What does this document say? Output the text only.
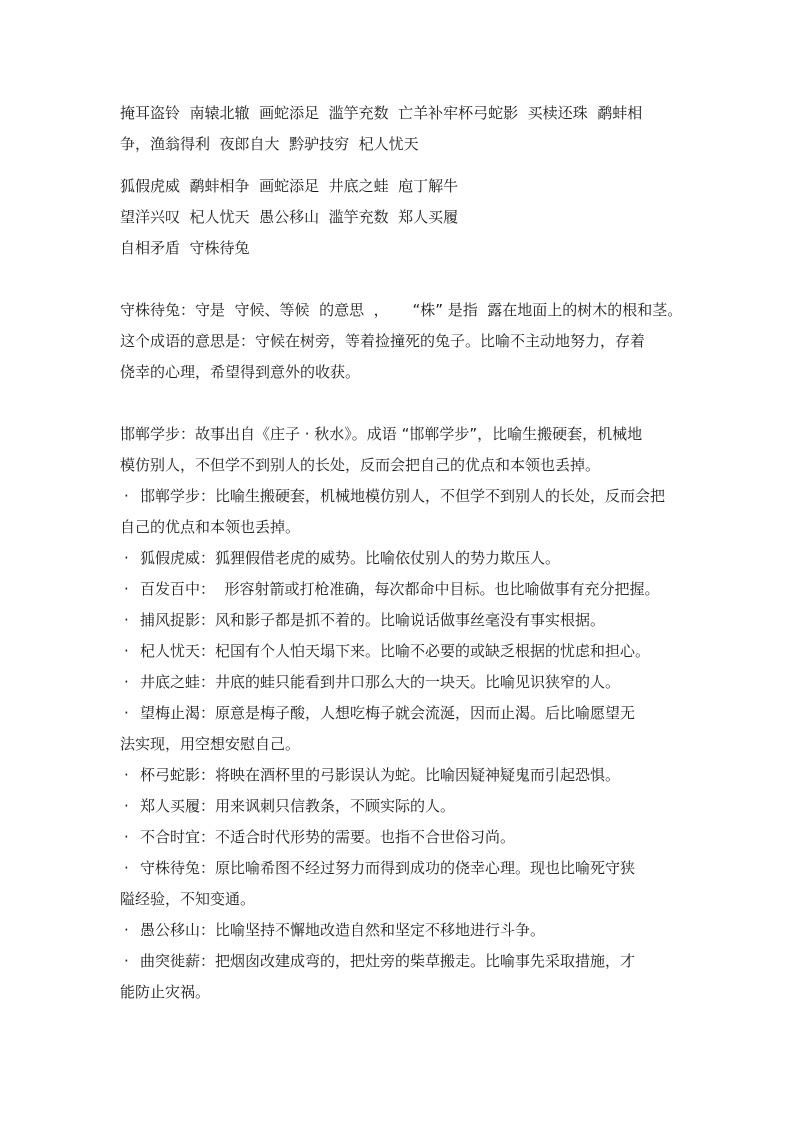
掩耳盗铃  南辕北辙  画蛇添足  滥竽充数  亡羊补牢杯弓蛇影  买椟还珠  鹬蚌相
争，渔翁得利  夜郎自大  黔驴技穷  杞人忧天
狐假虎威  鹬蚌相争  画蛇添足  井底之蛙  庖丁解牛
望洋兴叹  杞人忧天  愚公移山  滥竽充数  郑人买履
自相矛盾  守株待兔
守株待兔：守是  守候、等候  的意思  ，     “株” 是指  露在地面上的树木的根和茎。
这个成语的意思是：守候在树旁，等着捡撞死的兔子。比喻不主动地努力，存着
侥幸的心理，希望得到意外的收获。
邯郸学步：故事出自《庄子 · 秋水》。成语 “邯郸学步”，比喻生搬硬套，机械地
模仿别人，不但学不到别人的长处，反而会把自己的优点和本领也丢掉。
· 邯郸学步：比喻生搬硬套，机械地模仿别人，不但学不到别人的长处，反而会把
自己的优点和本领也丢掉。
· 狐假虎威：狐狸假借老虎的威势。比喻依仗别人的势力欺压人。
· 百发百中：  形容射箭或打枪准确，每次都命中目标。也比喻做事有充分把握。
· 捕风捉影：风和影子都是抓不着的。比喻说话做事丝毫没有事实根据。
· 杞人忧天：杞国有个人怕天塌下来。比喻不必要的或缺乏根据的忧虑和担心。
· 井底之蛙：井底的蛙只能看到井口那么大的一块天。比喻见识狭窄的人。
· 望梅止渴：原意是梅子酸，人想吃梅子就会流涎，因而止渴。后比喻愿望无
法实现，用空想安慰自己。
· 杯弓蛇影：将映在酒杯里的弓影误认为蛇。比喻因疑神疑鬼而引起恐惧。
· 郑人买履：用来讽刺只信教条，不顾实际的人。
· 不合时宜：不适合时代形势的需要。也指不合世俗习尚。
· 守株待兔：原比喻希图不经过努力而得到成功的侥幸心理。现也比喻死守狭
隘经验，不知变通。
· 愚公移山：比喻坚持不懈地改造自然和坚定不移地进行斗争。
· 曲突徙薪：把烟囱改建成弯的，把灶旁的柴草搬走。比喻事先采取措施，才
能防止灾祸。
